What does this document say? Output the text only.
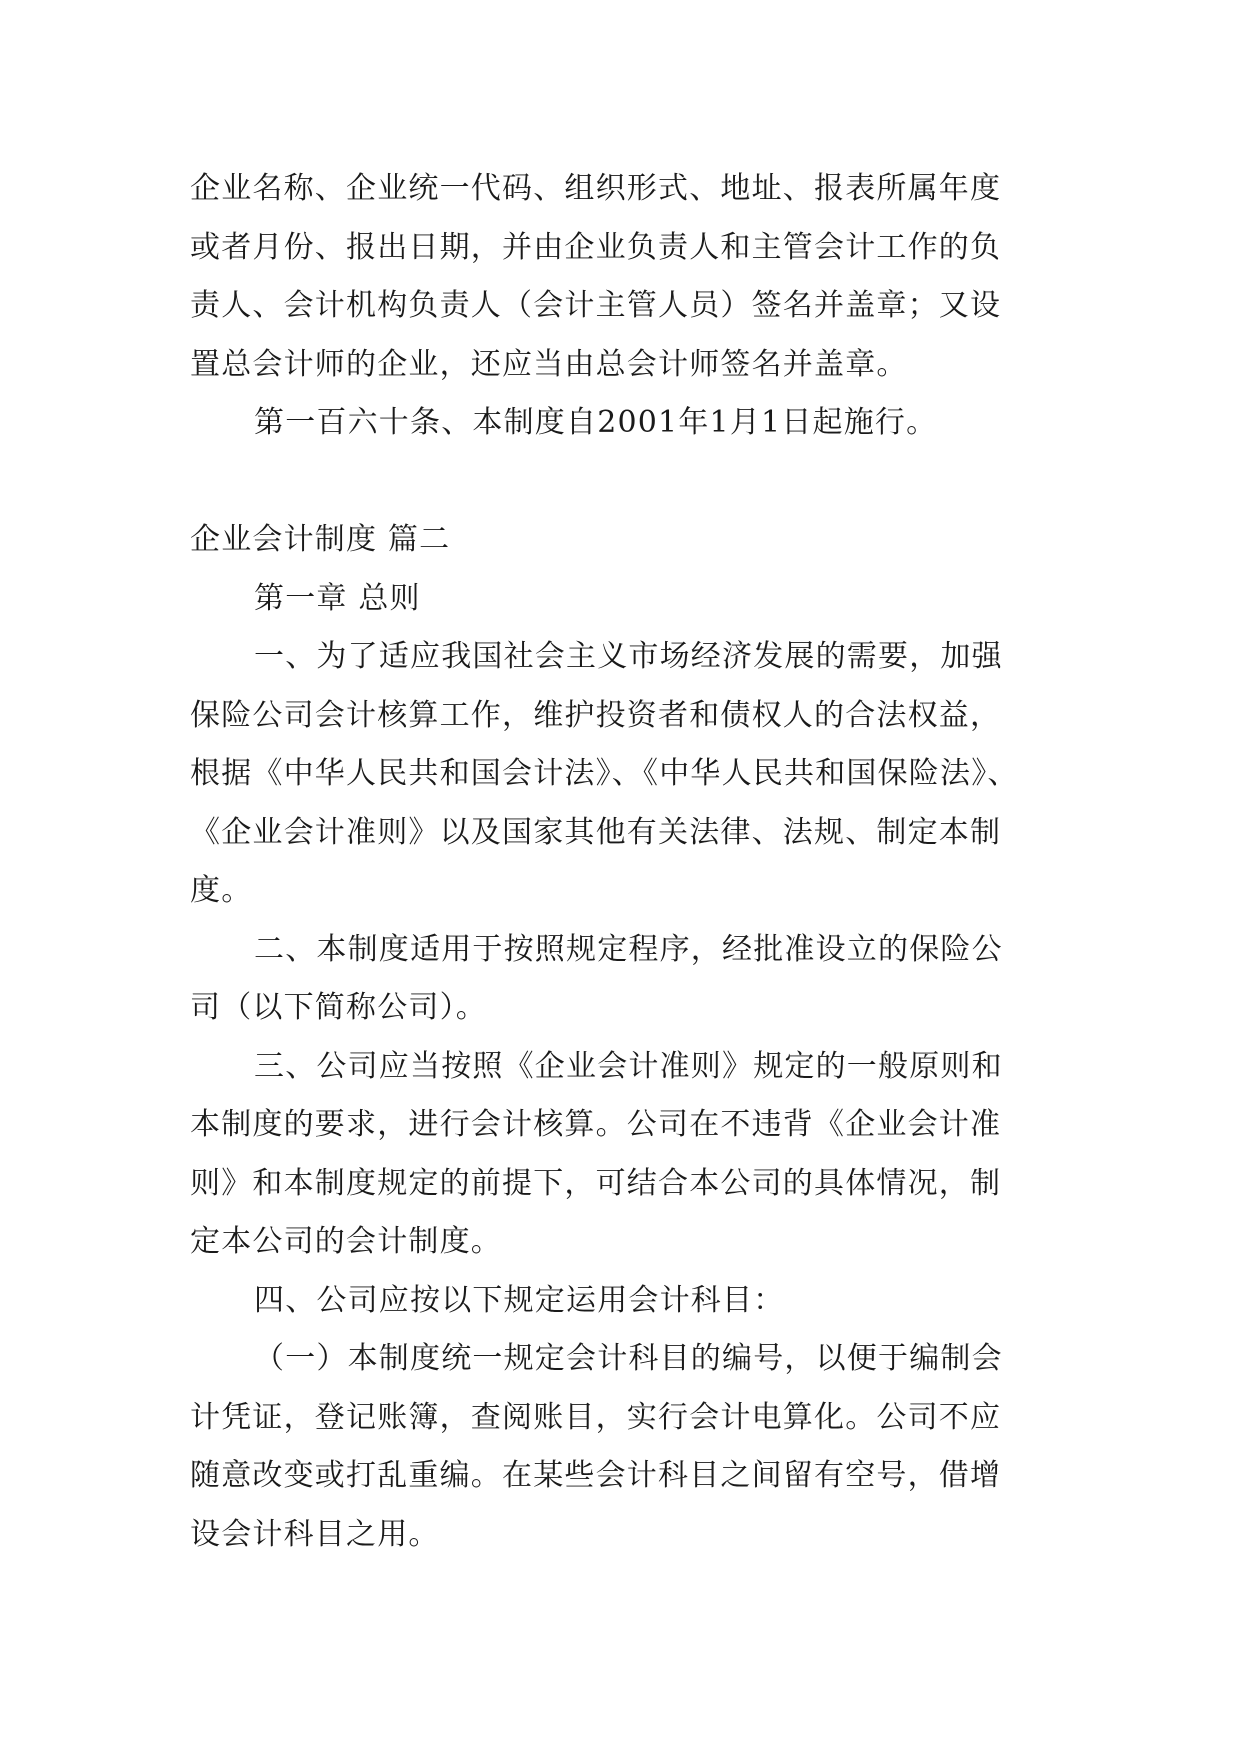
企业名称、企业统一代码、组织形式、地址、报表所属年度
或者月份、报出日期，并由企业负责人和主管会计工作的负
责人、会计机构负责人（会计主管人员）签名并盖章；又设
置总会计师的企业，还应当由总会计师签名并盖章。
第一百六十条、本制度自2001年1月1日起施行。
企业会计制度 篇二
第一章 总则
一、为了适应我国社会主义市场经济发展的需要，加强
保险公司会计核算工作，维护投资者和债权人的合法权益，
根据《中华人民共和国会计法》、《中华人民共和国保险法》、
《企业会计准则》以及国家其他有关法律、法规、制定本制
度。
二、本制度适用于按照规定程序，经批准设立的保险公
司（以下简称公司）。
三、公司应当按照《企业会计准则》规定的一般原则和
本制度的要求，进行会计核算。公司在不违背《企业会计准
则》和本制度规定的前提下，可结合本公司的具体情况，制
定本公司的会计制度。
四、公司应按以下规定运用会计科目：
（一）本制度统一规定会计科目的编号，以便于编制会
计凭证，登记账簿，查阅账目，实行会计电算化。公司不应
随意改变或打乱重编。在某些会计科目之间留有空号，借增
设会计科目之用。
